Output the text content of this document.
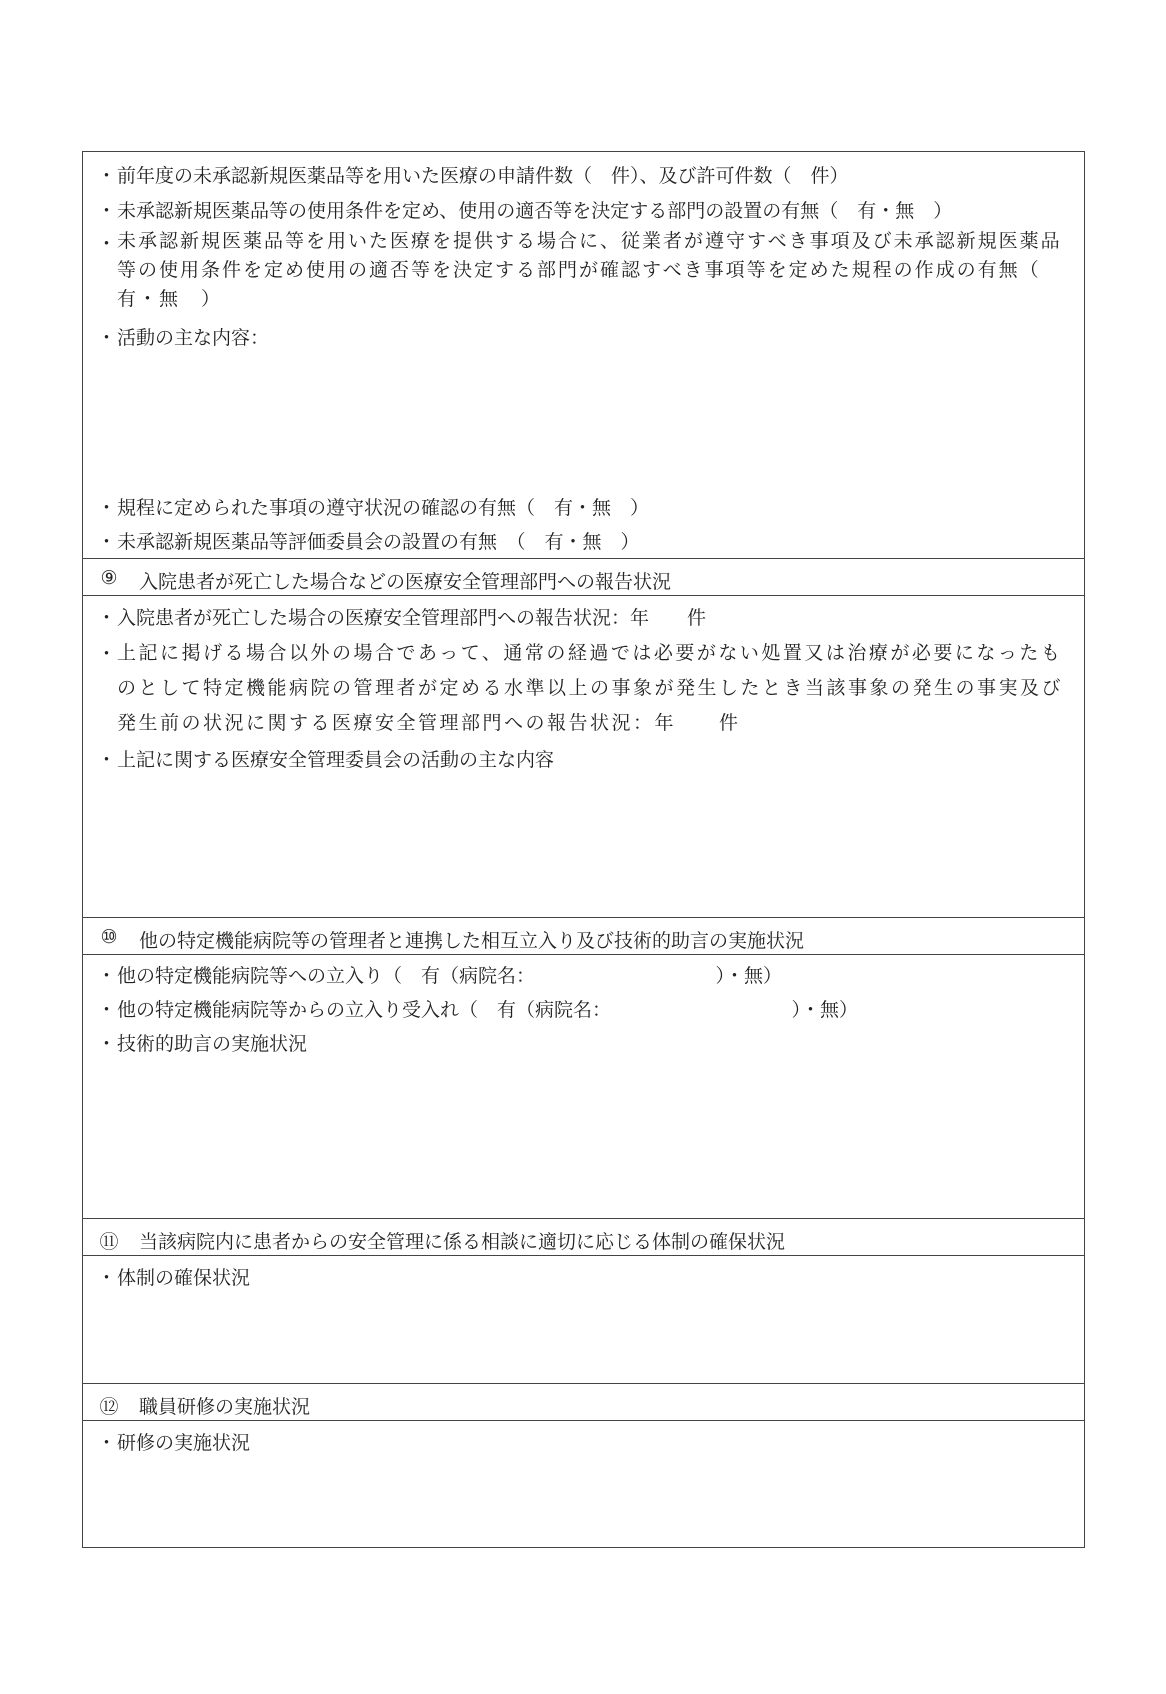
・ 前年度の未承認新規医薬品等を用いた医療の申請件数（　件）、及び許可件数（　件）
・ 未承認新規医薬品等の使用条件を定め、使用の適否等を決定する部門の設置の有無（　有・無　）
・ 未承認新規医薬品等を用いた医療を提供する場合に、従業者が遵守すべき事項及び未承認新規医薬品等の使用条件を定め使用の適否等を決定する部門が確認すべき事項等を定めた規程の作成の有無（　有・無　）
・ 活動の主な内容：
・ 規程に定められた事項の遵守状況の確認の有無（　有・無　）
・ 未承認新規医薬品等評価委員会の設置の有無　（　有・無　）
⑨ 入院患者が死亡した場合などの医療安全管理部門への報告状況
・ 入院患者が死亡した場合の医療安全管理部門への報告状況：年　　件
・ 上記に掲げる場合以外の場合であって、通常の経過では必要がない処置又は治療が必要になったものとして特定機能病院の管理者が定める水準以上の事象が発生したとき当該事象の発生の事実及び発生前の状況に関する医療安全管理部門への報告状況：年　　件
・ 上記に関する医療安全管理委員会の活動の主な内容
⑩ 他の特定機能病院等の管理者と連携した相互立入り及び技術的助言の実施状況
・ 他の特定機能病院等への立入り（　有（病院名：　　　　　　　　　　）・無）
・ 他の特定機能病院等からの立入り受入れ（　有（病院名：　　　　　　　　　　）・無）
・ 技術的助言の実施状況
⑪ 当該病院内に患者からの安全管理に係る相談に適切に応じる体制の確保状況
・ 体制の確保状況
⑫ 職員研修の実施状況
・ 研修の実施状況
